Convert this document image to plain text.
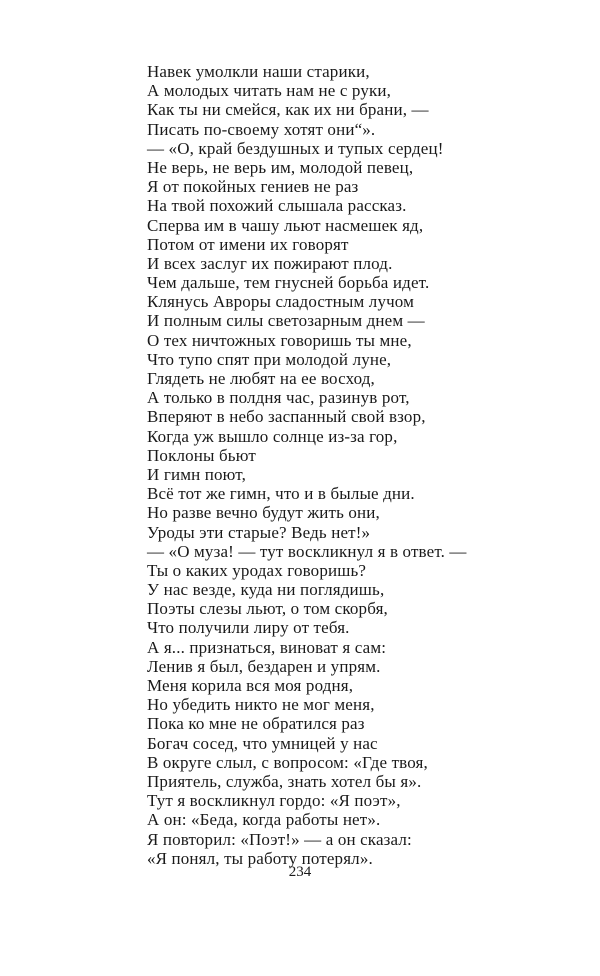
Навек умолкли наши старики,
А молодых читать нам не с руки,
Как ты ни смейся, как их ни брани, —
Писать по-своему хотят они“».
— «О, край бездушных и тупых сердец!
Не верь, не верь им, молодой певец,
Я от покойных гениев не раз
На твой похожий слышала рассказ.
Сперва им в чашу льют насмешек яд,
Потом от имени их говорят
И всех заслуг их пожирают плод.
Чем дальше, тем гнусней борьба идет.
Клянусь Авроры сладостным лучом
И полным силы светозарным днем —
О тех ничтожных говоришь ты мне,
Что тупо спят при молодой луне,
Глядеть не любят на ее восход,
А только в полдня час, разинув рот,
Вперяют в небо заспанный свой взор,
Когда уж вышло солнце из-за гор,
Поклоны бьют
И гимн поют,
Всё тот же гимн, что и в былые дни.
Но разве вечно будут жить они,
Уроды эти старые? Ведь нет!»
— «О муза! — тут воскликнул я в ответ. —
Ты о каких уродах говоришь?
У нас везде, куда ни поглядишь,
Поэты слезы льют, о том скорбя,
Что получили лиру от тебя.
А я... признаться, виноват я сам:
Ленив я был, бездарен и упрям.
Меня корила вся моя родня,
Но убедить никто не мог меня,
Пока ко мне не обратился раз
Богач сосед, что умницей у нас
В округе слыл, с вопросом: «Где твоя,
Приятель, служба, знать хотел бы я».
Тут я воскликнул гордо: «Я поэт»,
А он: «Беда, когда работы нет».
Я повторил: «Поэт!» — а он сказал:
«Я понял, ты работу потерял».
234
